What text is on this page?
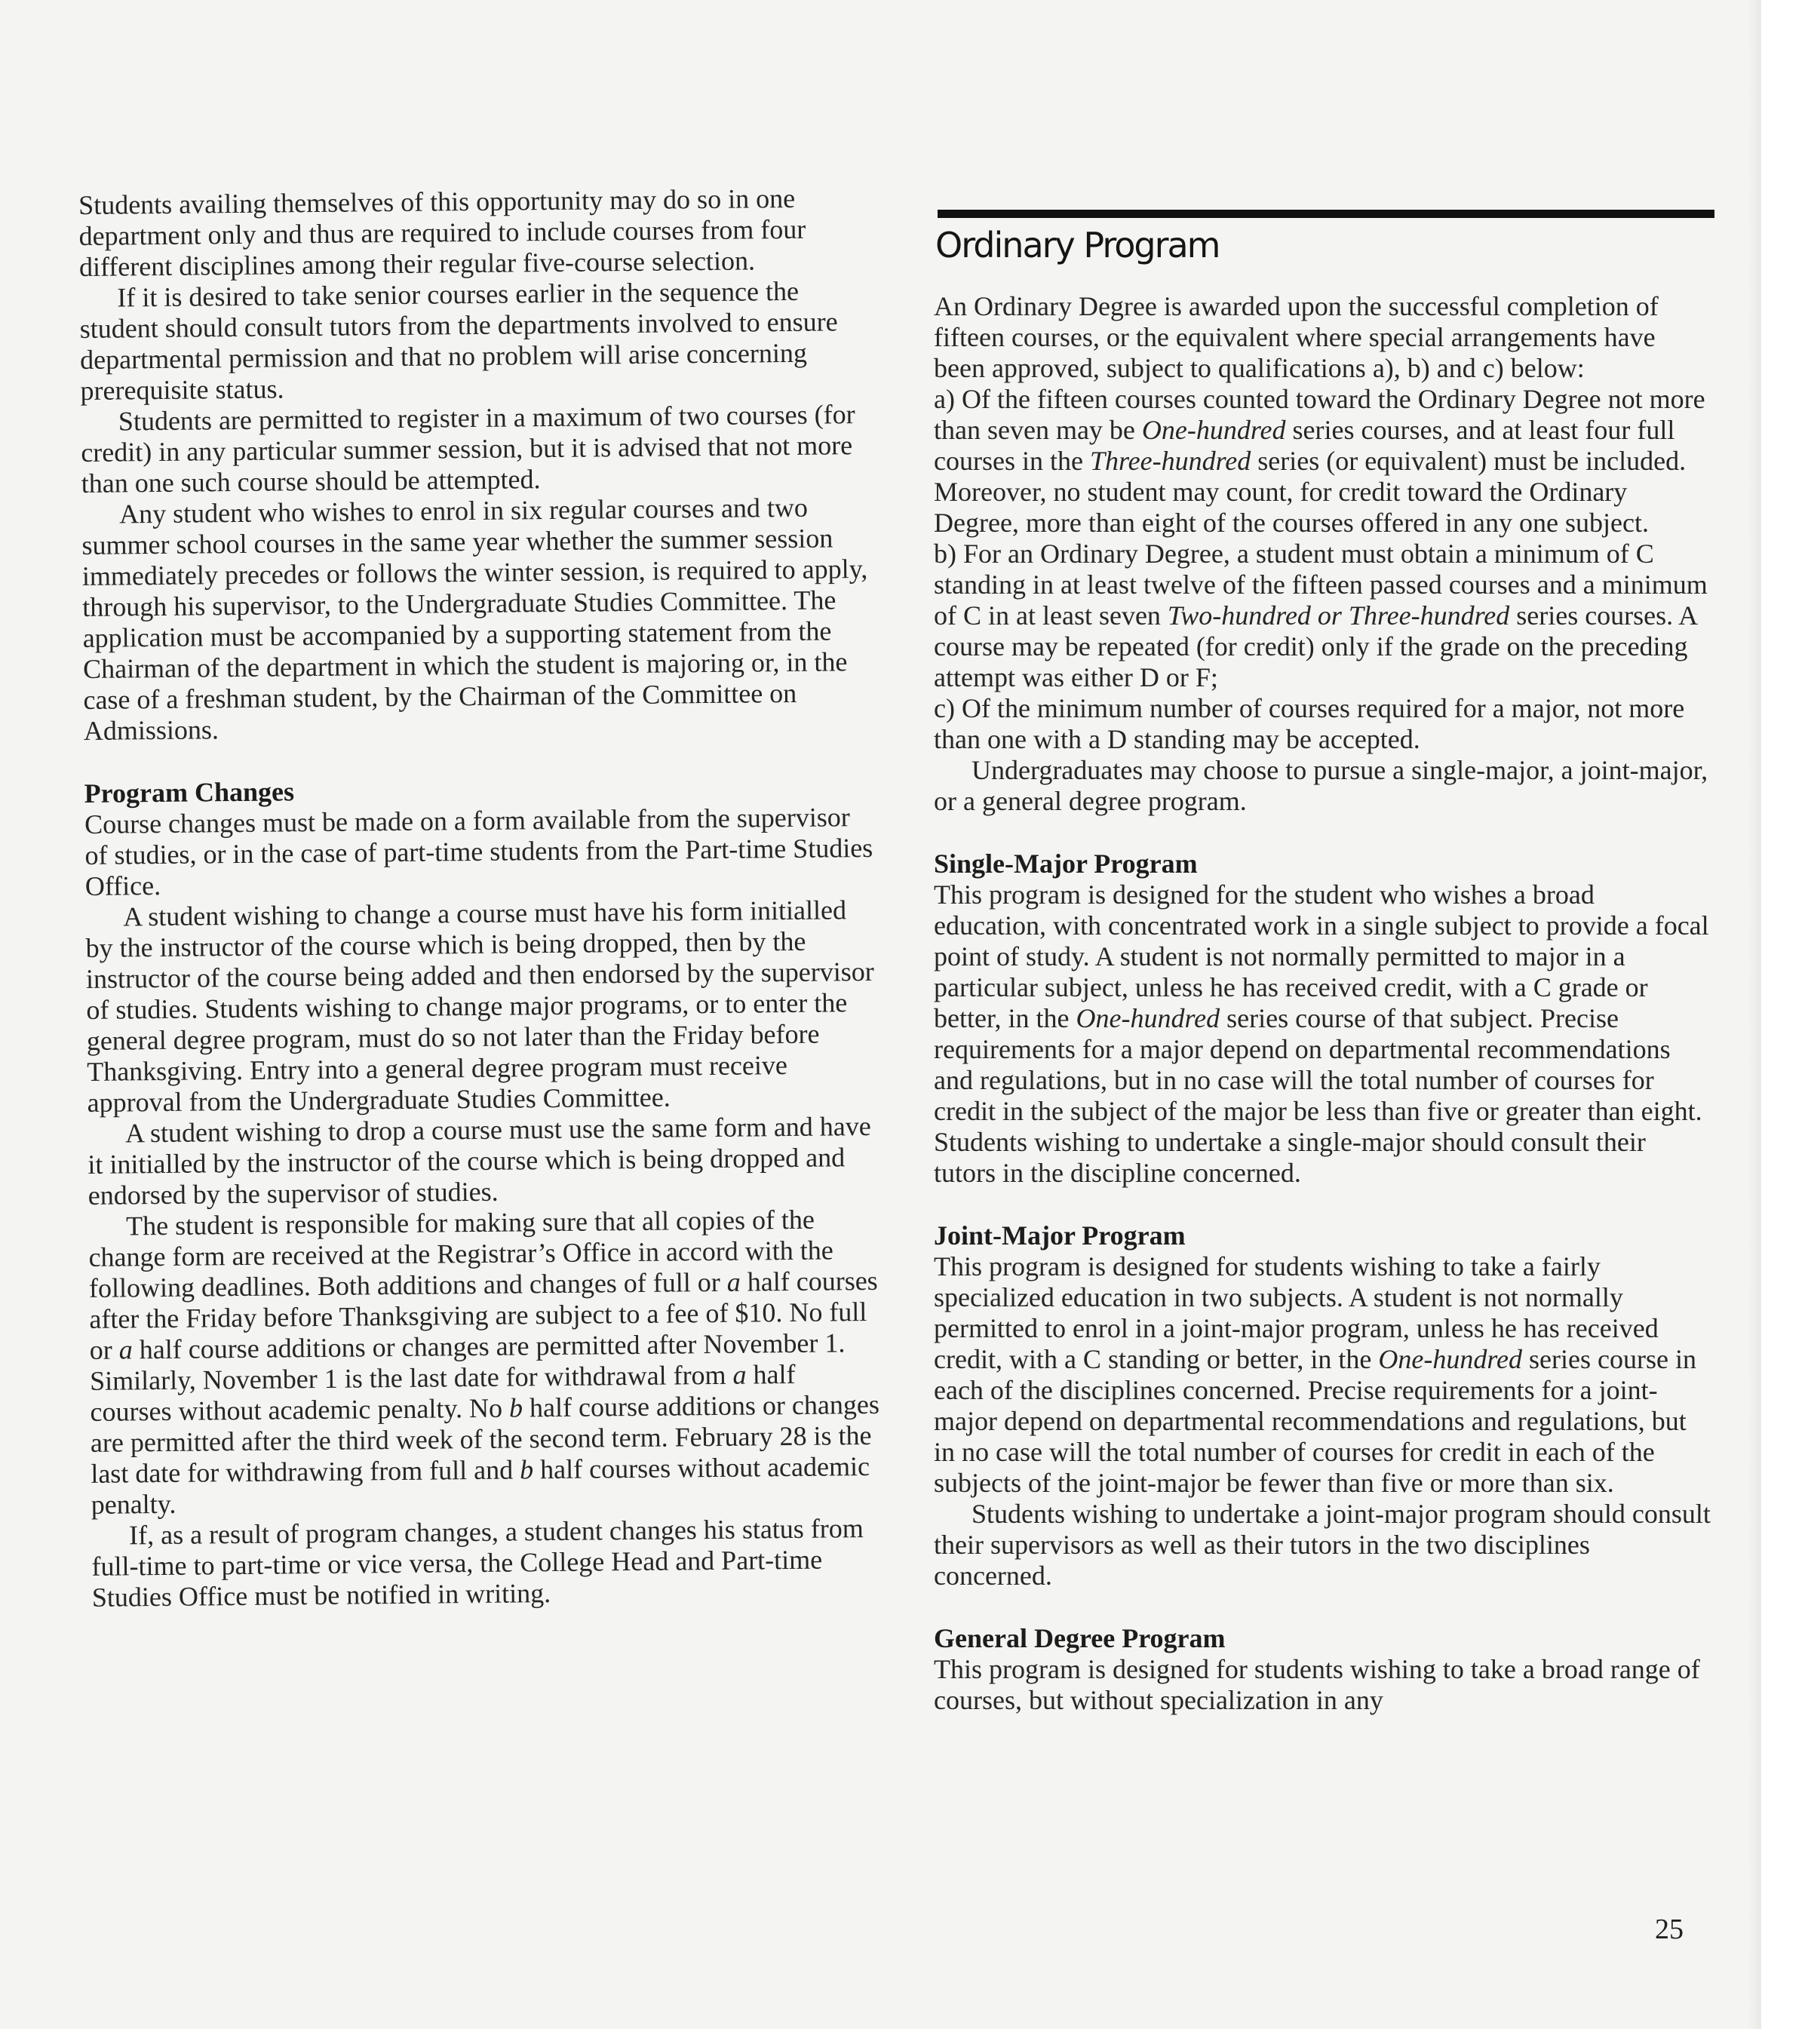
Students availing themselves of this opportunity may do so in one department only and thus are required to include courses from four different disciplines among their regular five-course selection.

If it is desired to take senior courses earlier in the sequence the student should consult tutors from the departments involved to ensure departmental permission and that no problem will arise concerning prerequisite status.

Students are permitted to register in a maximum of two courses (for credit) in any particular summer session, but it is advised that not more than one such course should be attempted.

Any student who wishes to enrol in six regular courses and two summer school courses in the same year whether the summer session immediately precedes or follows the winter session, is required to apply, through his supervisor, to the Undergraduate Studies Committee. The application must be accompanied by a supporting statement from the Chairman of the department in which the student is majoring or, in the case of a freshman student, by the Chairman of the Committee on Admissions.

Program Changes

Course changes must be made on a form available from the supervisor of studies, or in the case of part-time students from the Part-time Studies Office.

A student wishing to change a course must have his form initialled by the instructor of the course which is being dropped, then by the instructor of the course being added and then endorsed by the supervisor of studies. Students wishing to change major programs, or to enter the general degree program, must do so not later than the Friday before Thanksgiving. Entry into a general degree program must receive approval from the Undergraduate Studies Committee.

A student wishing to drop a course must use the same form and have it initialled by the instructor of the course which is being dropped and endorsed by the supervisor of studies.

The student is responsible for making sure that all copies of the change form are received at the Registrar’s Office in accord with the following deadlines. Both additions and changes of full or a half courses after the Friday before Thanksgiving are subject to a fee of $10. No full or a half course additions or changes are permitted after November 1. Similarly, November 1 is the last date for withdrawal from a half courses without academic penalty. No b half course additions or changes are permitted after the third week of the second term. February 28 is the last date for withdrawing from full and b half courses without academic penalty.

If, as a result of program changes, a student changes his status from full-time to part-time or vice versa, the College Head and Part-time Studies Office must be notified in writing.

Ordinary Program

An Ordinary Degree is awarded upon the successful completion of fifteen courses, or the equivalent where special arrangements have been approved, subject to qualifications a), b) and c) below:

a) Of the fifteen courses counted toward the Ordinary Degree not more than seven may be One-hundred series courses, and at least four full courses in the Three-hundred series (or equivalent) must be included. Moreover, no student may count, for credit toward the Ordinary Degree, more than eight of the courses offered in any one subject.

b) For an Ordinary Degree, a student must obtain a minimum of C standing in at least twelve of the fifteen passed courses and a minimum of C in at least seven Two-hundred or Three-hundred series courses. A course may be repeated (for credit) only if the grade on the preceding attempt was either D or F;

c) Of the minimum number of courses required for a major, not more than one with a D standing may be accepted.

Undergraduates may choose to pursue a single-major, a joint-major, or a general degree program.

Single-Major Program

This program is designed for the student who wishes a broad education, with concentrated work in a single subject to provide a focal point of study. A student is not normally permitted to major in a particular subject, unless he has received credit, with a C grade or better, in the One-hundred series course of that subject. Precise requirements for a major depend on departmental recommendations and regulations, but in no case will the total number of courses for credit in the subject of the major be less than five or greater than eight. Students wishing to undertake a single-major should consult their tutors in the discipline concerned.

Joint-Major Program

This program is designed for students wishing to take a fairly specialized education in two subjects. A student is not normally permitted to enrol in a joint-major program, unless he has received credit, with a C standing or better, in the One-hundred series course in each of the disciplines concerned. Precise requirements for a joint-major depend on departmental recommendations and regulations, but in no case will the total number of courses for credit in each of the subjects of the joint-major be fewer than five or more than six.

Students wishing to undertake a joint-major program should consult their supervisors as well as their tutors in the two disciplines concerned.

General Degree Program

This program is designed for students wishing to take a broad range of courses, but without specialization in any

25
